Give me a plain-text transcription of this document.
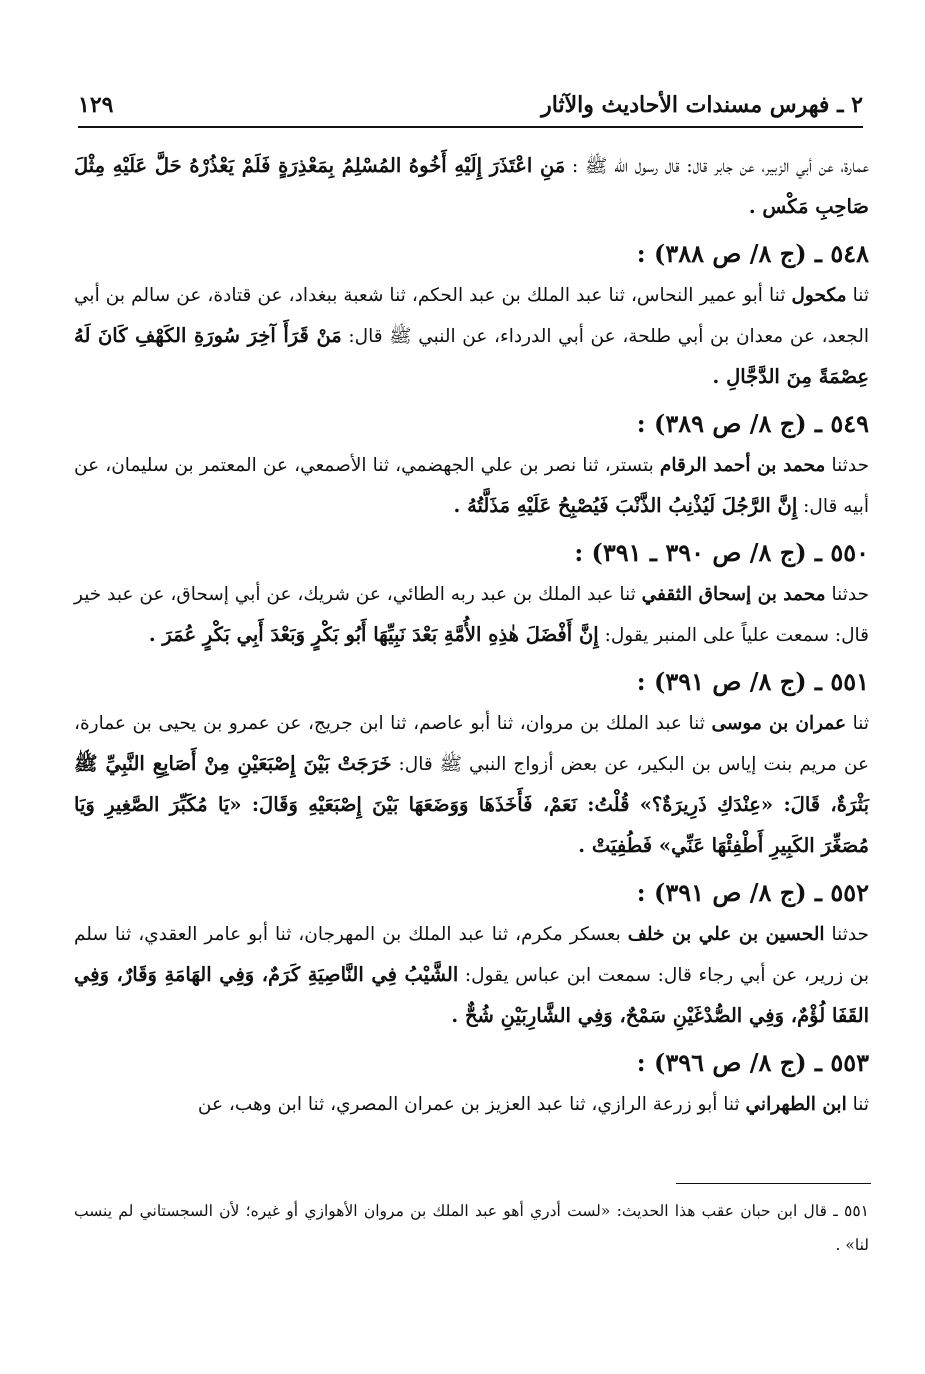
٢ ـ فهرس مسندات الأحاديث والآثار
١٢٩

عمارة، عن أبي الزبير، عن جابر قال: قال رسول الله ﷺ : مَنِ اعْتَذَرَ إِلَيْهِ أَخُوهُ المُسْلِمُ بِمَعْذِرَةٍ فَلَمْ يَعْذُرْهُ حَلَّ عَلَيْهِ مِثْلَ صَاحِبِ مَكْس .

٥٤٨ ـ (ج ٨/ ص ٣٨٨) :

ثنا مكحول ثنا أبو عمير النحاس، ثنا عبد الملك بن عبد الحكم، ثنا شعبة ببغداد، عن قتادة، عن سالم بن أبي الجعد، عن معدان بن أبي طلحة، عن أبي الدرداء، عن النبي ﷺ قال: مَنْ قَرَأَ آخِرَ سُورَةِ الكَهْفِ كَانَ لَهُ عِصْمَةً مِنَ الدَّجَّالِ .

٥٤٩ ـ (ج ٨/ ص ٣٨٩) :

حدثنا محمد بن أحمد الرقام بتستر، ثنا نصر بن علي الجهضمي، ثنا الأصمعي، عن المعتمر بن سليمان، عن أبيه قال: إِنَّ الرَّجُلَ لَيُذْنِبُ الذَّنْبَ فَيُصْبِحُ عَلَيْهِ مَذَلَّتُهُ .

٥٥٠ ـ (ج ٨/ ص ٣٩٠ ـ ٣٩١) :

حدثنا محمد بن إسحاق الثقفي ثنا عبد الملك بن عبد ربه الطائي، عن شريك، عن أبي إسحاق، عن عبد خير قال: سمعت علياً على المنبر يقول: إِنَّ أَفْضَلَ هٰذِهِ الأُمَّةِ بَعْدَ نَبِيِّهَا أَبُو بَكْرٍ وَبَعْدَ أَبِي بَكْرٍ عُمَرَ .

٥٥١ ـ (ج ٨/ ص ٣٩١) :

ثنا عمران بن موسى ثنا عبد الملك بن مروان، ثنا أبو عاصم، ثنا ابن جريج، عن عمرو بن يحيى بن عمارة، عن مريم بنت إياس بن البكير، عن بعض أزواج النبي ﷺ قال: خَرَجَتْ بَيْنَ إِصْبَعَيْنِ مِنْ أَصَابِعِ النَّبِيِّ ﷺ بَثْرَةٌ، قَالَ: «عِنْدَكِ ذَرِيرَةٌ؟» قُلْتُ: نَعَمْ، فَأَخَذَهَا وَوَضَعَهَا بَيْنَ إِصْبَعَيْهِ وَقَالَ: «يَا مُكَبِّرَ الصَّغِيرِ وَيَا مُصَغِّرَ الكَبِيرِ أَطْفِئْهَا عَنِّي» فَطُفِيَتْ .

٥٥٢ ـ (ج ٨/ ص ٣٩١) :

حدثنا الحسين بن علي بن خلف بعسكر مكرم، ثنا عبد الملك بن المهرجان، ثنا أبو عامر العقدي، ثنا سلم بن زرير، عن أبي رجاء قال: سمعت ابن عباس يقول: الشَّيْبُ فِي النَّاصِيَةِ كَرَمٌ، وَفِي الهَامَةِ وَقَارٌ، وَفِي القَفَا لُؤْمٌ، وَفِي الصُّدْغَيْنِ سَمْحٌ، وَفِي الشَّارِبَيْنِ شُحٌّ .

٥٥٣ ـ (ج ٨/ ص ٣٩٦) :

ثنا ابن الطهراني ثنا أبو زرعة الرازي، ثنا عبد العزيز بن عمران المصري، ثنا ابن وهب، عن

٥٥١ ـ قال ابن حبان عقب هذا الحديث: «لست أدري أهو عبد الملك بن مروان الأهوازي أو غيره؛ لأن السجستاني لم ينسب لنا» .
